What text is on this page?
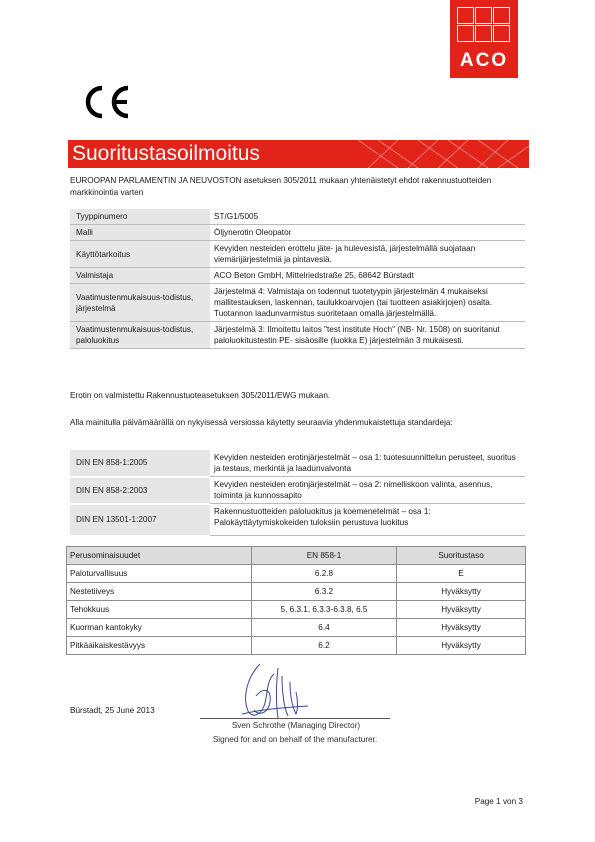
ACO
Suoritustasoilmoitus
EUROOPAN PARLAMENTIN JA NEUVOSTON asetuksen 305/2011 mukaan yhtenäistetyt ehdot rakennustuotteiden markkinointia varten
Tyyppinumero	ST/G1/5005
Malli	Öljynerotin Oleopator
Käyttötarkoitus	Kevyiden nesteiden erottelu jäte- ja hulevesistä, järjestelmällä suojataan viemärijärjestelmiä ja pintavesiä.
Valmistaja	ACO Beton GmbH, Mittelriedstraße 25, 68642 Bürstadt
Vaatimustenmukaisuus-todistus, järjestelmä	Järjestelmä 4: Valmistaja on todennut tuotetyypin järjestelmän 4 mukaiseksi mallitestauksen, laskennan, taulukkoarvojen (tai tuotteen asiakirjojen) osalta. Tuotannon laadunvarmistus suoritetaan omalla järjestelmällä.
Vaatimustenmukaisuus-todistus, paloluokitus	Järjestelmä 3: Ilmoitettu laitos "test institute Hoch" (NB- Nr. 1508) on suoritanut paloluokitustestin PE- sisäosille (luokka E) järjestelmän 3 mukaisesti.
Erotin on valmistettu Rakennustuoteasetuksen 305/2011/EWG mukaan.
Alla mainitulla päivämäärällä on nykyisessä versiossa käytetty seuraavia yhdenmukaistettuja standardeja:
DIN EN 858-1:2005	Kevyiden nesteiden erotinjärjestelmät – osa 1: tuotesuunnittelun perusteet, suoritus ja testaus, merkintä ja laadunvalvonta
DIN EN 858-2:2003	Kevyiden nesteiden erotinjärjestelmät – osa 2: nimelliskoon valinta, asennus, toiminta ja kunnossapito
DIN EN 13501-1:2007	Rakennustuotteiden paloluokitus ja koemenetelmät – osa 1: Palokäyttäytymiskokeiden tuloksiin perustuva luokitus
Perusominaisuudet	EN 858-1	Suoritustaso
Paloturvallisuus	6.2.8	E
Nestetiiveys	6.3.2	Hyväksytty
Tehokkuus	5, 6.3.1, 6.3.3-6.3.8, 6.5	Hyväksytty
Kuorman kantokyky	6.4	Hyväksytty
Pitkäaikaiskestävyys	6.2	Hyväksytty
Bürstadt, 25 June 2013
Sven Schrothe (Managing Director)
Signed for and on behalf of the manufacturer.
Page 1 von 3
